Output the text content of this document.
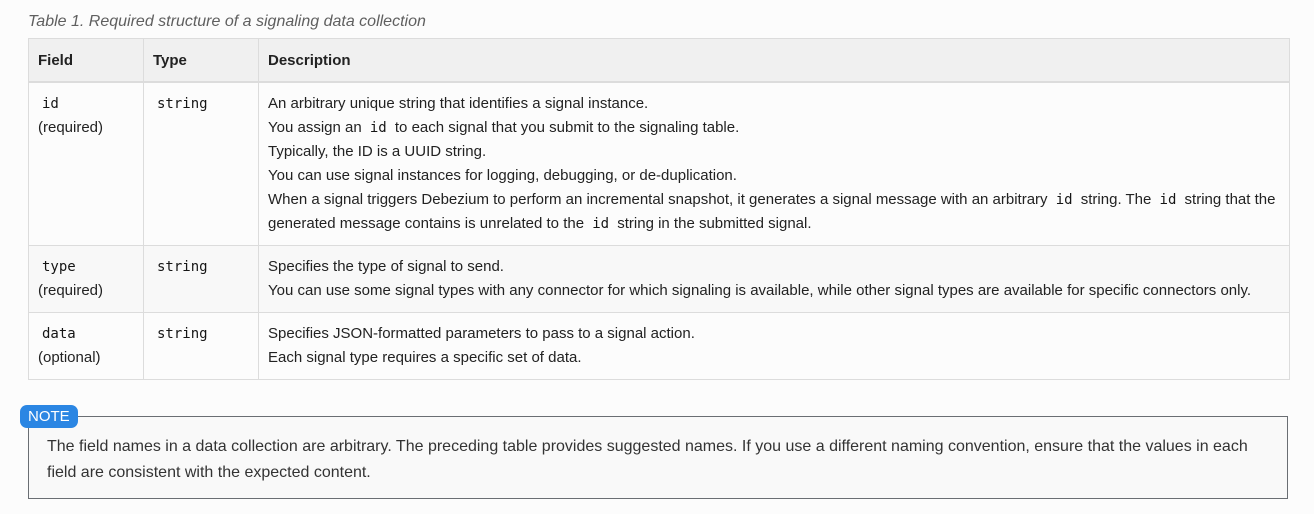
Table 1. Required structure of a signaling data collection
Field	Type	Description

id
(required)	string	An arbitrary unique string that identifies a signal instance.
You assign an id to each signal that you submit to the signaling table.
Typically, the ID is a UUID string.
You can use signal instances for logging, debugging, or de-duplication.
When a signal triggers Debezium to perform an incremental snapshot, it generates a signal message with an arbitrary id string. The id string that the generated message contains is unrelated to the id string in the submitted signal.

type
(required)	string	Specifies the type of signal to send.
You can use some signal types with any connector for which signaling is available, while other signal types are available for specific connectors only.

data
(optional)	string	Specifies JSON-formatted parameters to pass to a signal action.
Each signal type requires a specific set of data.
The field names in a data collection are arbitrary. The preceding table provides suggested names. If you use a different naming convention, ensure that the values in each field are consistent with the expected content.
NOTE
